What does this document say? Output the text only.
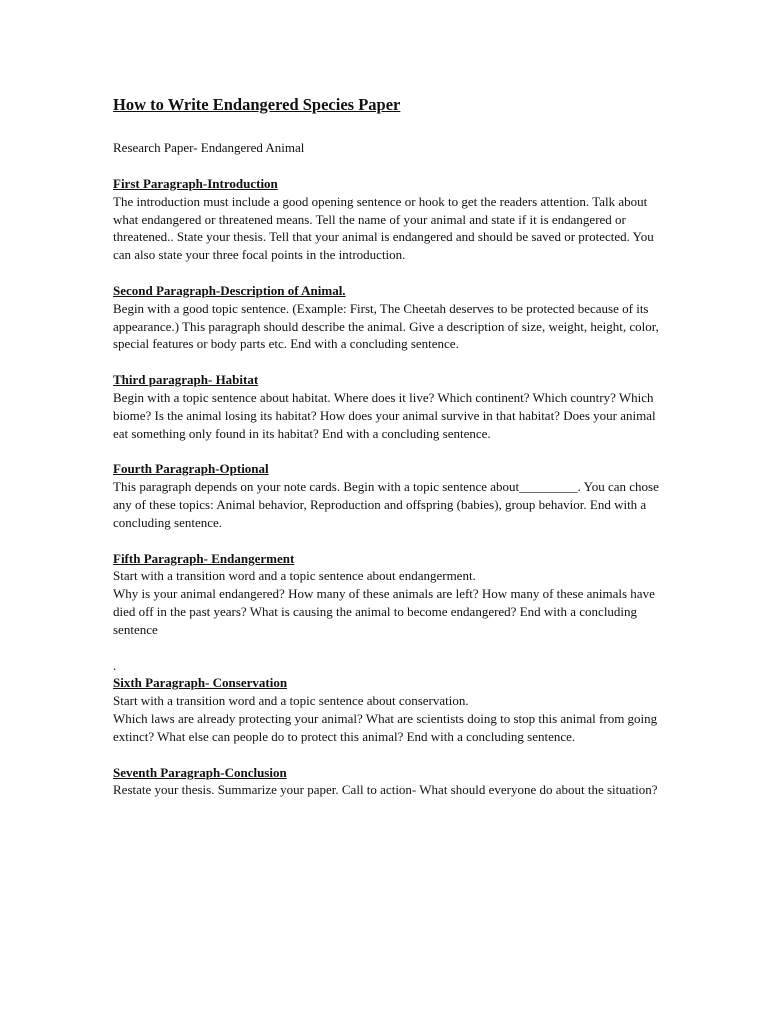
How to Write Endangered Species Paper

Research Paper- Endangered Animal

First Paragraph-Introduction

The introduction must include a good opening sentence or hook to get the readers attention. Talk about what endangered or threatened means. Tell the name of your animal and state if it is endangered or threatened.. State your thesis. Tell that your animal is endangered and should be saved or protected. You can also state your three focal points in the introduction.

Second Paragraph-Description of Animal.

Begin with a good topic sentence. (Example: First, The Cheetah deserves to be protected because of its appearance.) This paragraph should describe the animal. Give a description of size, weight, height, color, special features or body parts etc. End with a concluding sentence.

Third paragraph- Habitat

Begin with a topic sentence about habitat. Where does it live? Which continent? Which country? Which biome? Is the animal losing its habitat? How does your animal survive in that habitat? Does your animal eat something only found in its habitat? End with a concluding sentence.

Fourth Paragraph-Optional

This paragraph depends on your note cards. Begin with a topic sentence about_________. You can chose any of these topics: Animal behavior, Reproduction and offspring (babies), group behavior. End with a concluding sentence.

Fifth Paragraph- Endangerment

Start with a transition word and a topic sentence about endangerment.
Why is your animal endangered? How many of these animals are left? How many of these animals have died off in the past years? What is causing the animal to become endangered? End with a concluding sentence

.

Sixth Paragraph- Conservation

Start with a transition word and a topic sentence about conservation.
Which laws are already protecting your animal? What are scientists doing to stop this animal from going extinct? What else can people do to protect this animal? End with a concluding sentence.

Seventh Paragraph-Conclusion

Restate your thesis. Summarize your paper. Call to action- What should everyone do about the situation?
